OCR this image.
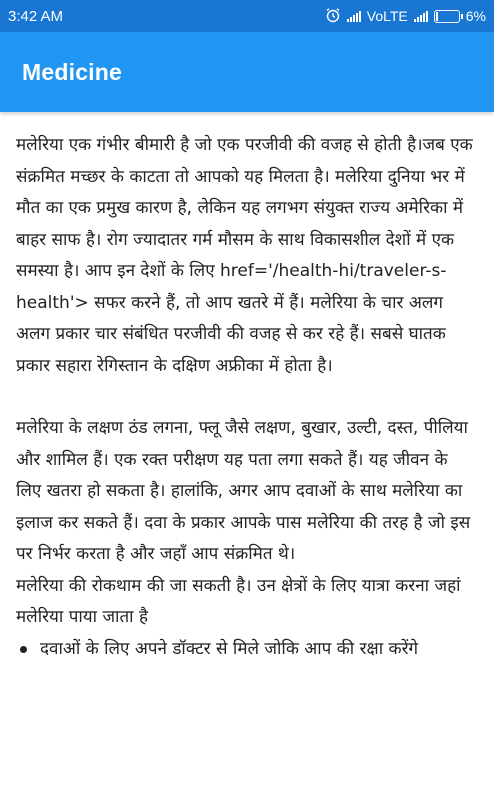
3:42 AM	VoLTE	6%
Medicine

मलेरिया एक गंभीर बीमारी है जो एक परजीवी की वजह से होती है।जब एक संक्रमित मच्छर के काटता तो आपको यह मिलता है। मलेरिया दुनिया भर में मौत का एक प्रमुख कारण है, लेकिन यह लगभग संयुक्त राज्य अमेरिका में बाहर साफ है। रोग ज्यादातर गर्म मौसम के साथ विकासशील देशों में एक समस्या है। आप इन देशों के लिए href='/health-hi/traveler-s-health'> सफर करने हैं, तो आप खतरे में हैं। मलेरिया के चार अलग अलग प्रकार चार संबंधित परजीवी की वजह से कर रहे हैं। सबसे घातक प्रकार सहारा रेगिस्तान के दक्षिण अफ्रीका में होता है।

मलेरिया के लक्षण ठंड लगना, फ्लू जैसे लक्षण, बुखार, उल्टी, दस्त, पीलिया और शामिल हैं। एक रक्त परीक्षण यह पता लगा सकते हैं। यह जीवन के लिए खतरा हो सकता है। हालांकि, अगर आप दवाओं के साथ मलेरिया का इलाज कर सकते हैं। दवा के प्रकार आपके पास मलेरिया की तरह है जो इस पर निर्भर करता है और जहाँ आप संक्रमित थे।

मलेरिया की रोकथाम की जा सकती है। उन क्षेत्रों के लिए यात्रा करना जहां मलेरिया पाया जाता है

दवाओं के लिए अपने डॉक्टर से मिले जोकि आप की रक्षा करेंगे
